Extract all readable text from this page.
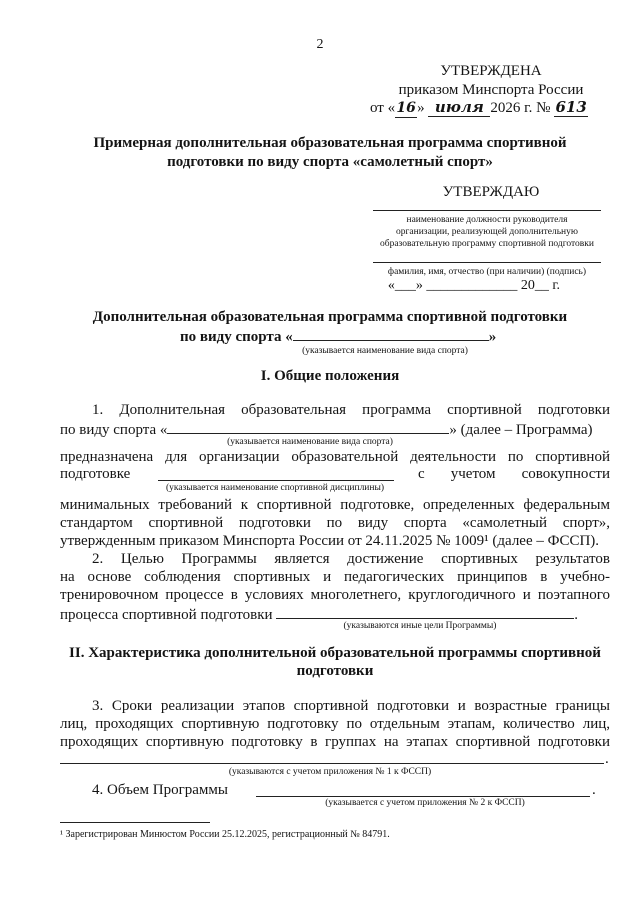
2
УТВЕРЖДЕНА
приказом Минспорта России
от «16» июля 2026 г. № 613
Примерная дополнительная образовательная программа спортивной
подготовки по виду спорта «самолетный спорт»
УТВЕРЖДАЮ
наименование должности руководителя
организации, реализующей дополнительную
образовательную программу спортивной подготовки
фамилия, имя, отчество (при наличии) (подпись)
«___» _____________ 20__ г.
Дополнительная образовательная программа спортивной подготовки
по виду спорта «	»
(указывается наименование вида спорта)
I. Общие положения
1. Дополнительная образовательная программа спортивной подготовки
по виду спорта «	» (далее – Программа)
(указывается наименование вида спорта)
предназначена для организации образовательной деятельности по спортивной
подготовке	с учетом совокупности
(указывается наименование спортивной дисциплины)
минимальных требований к спортивной подготовке, определенных федеральным
стандартом спортивной подготовки по виду спорта «самолетный спорт»,
утвержденным приказом Минспорта России от 24.11.2025 № 1009¹ (далее – ФССП).
2. Целью Программы является достижение спортивных результатов
на основе соблюдения спортивных и педагогических принципов в учебно-
тренировочном процессе в условиях многолетнего, круглогодичного и поэтапного
процесса спортивной подготовки	.
(указываются иные цели Программы)
II. Характеристика дополнительной образовательной программы спортивной
подготовки
3. Сроки реализации этапов спортивной подготовки и возрастные границы
лиц, проходящих спортивную подготовку по отдельным этапам, количество лиц,
проходящих спортивную подготовку в группах на этапах спортивной подготовки
.
(указываются с учетом приложения № 1 к ФССП)
4. Объем Программы	.
(указывается с учетом приложения № 2 к ФССП)
¹ Зарегистрирован Минюстом России 25.12.2025, регистрационный № 84791.
